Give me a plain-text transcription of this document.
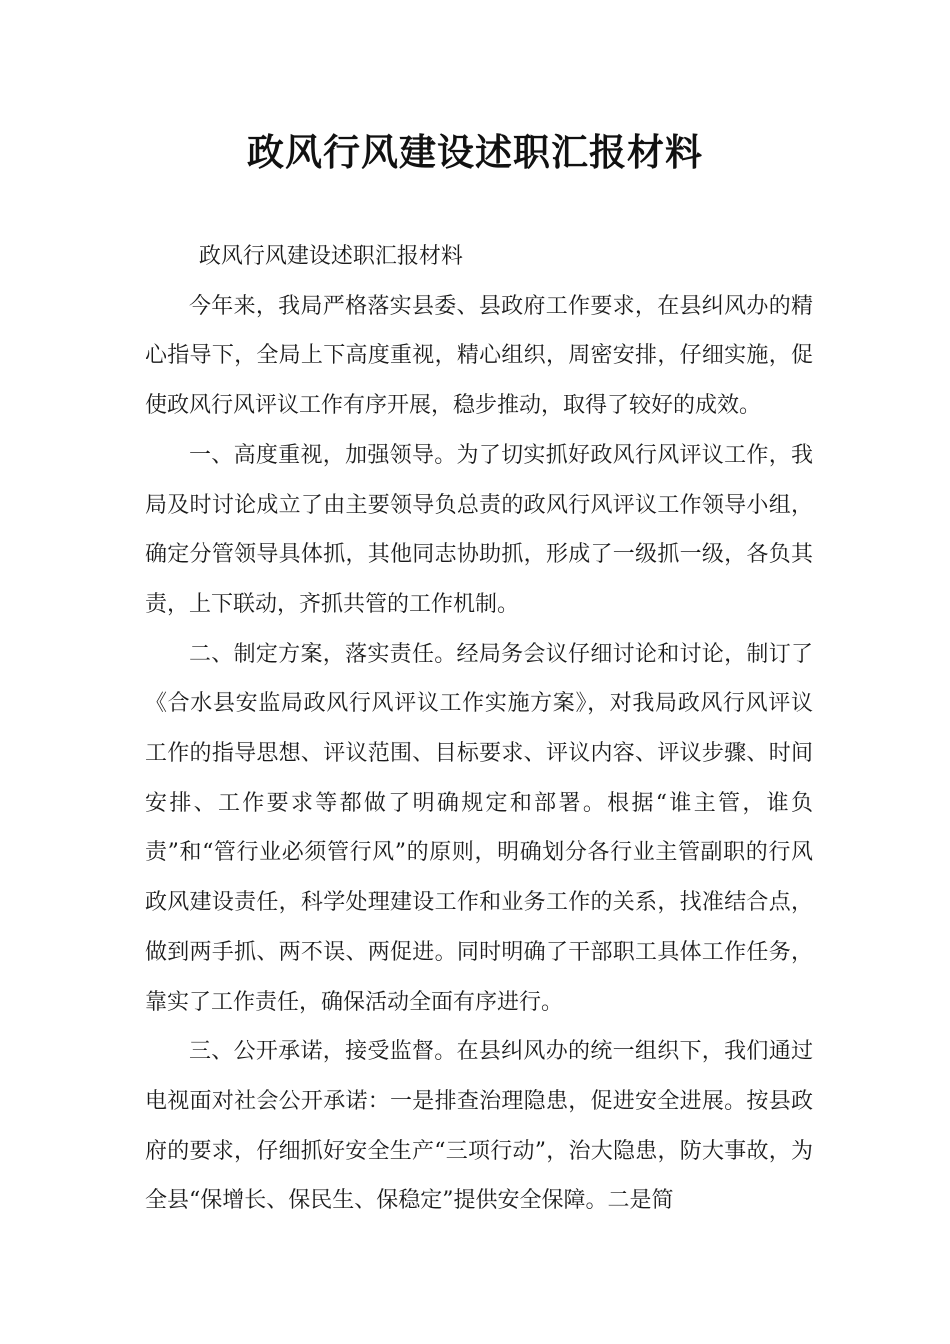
政风行风建设述职汇报材料

政风行风建设述职汇报材料

今年来，我局严格落实县委、县政府工作要求，在县纠风办的精心指导下，全局上下高度重视，精心组织，周密安排，仔细实施，促使政风行风评议工作有序开展，稳步推动，取得了较好的成效。

一、高度重视，加强领导。为了切实抓好政风行风评议工作，我局及时讨论成立了由主要领导负总责的政风行风评议工作领导小组，确定分管领导具体抓，其他同志协助抓，形成了一级抓一级，各负其责，上下联动，齐抓共管的工作机制。

二、制定方案，落实责任。经局务会议仔细讨论和讨论，制订了《合水县安监局政风行风评议工作实施方案》，对我局政风行风评议工作的指导思想、评议范围、目标要求、评议内容、评议步骤、时间安排、工作要求等都做了明确规定和部署。根据“谁主管，谁负责”和“管行业必须管行风”的原则，明确划分各行业主管副职的行风政风建设责任，科学处理建设工作和业务工作的关系，找准结合点，做到两手抓、两不误、两促进。同时明确了干部职工具体工作任务，靠实了工作责任，确保活动全面有序进行。

三、公开承诺，接受监督。在县纠风办的统一组织下，我们通过电视面对社会公开承诺：一是排查治理隐患，促进安全进展。按县政府的要求，仔细抓好安全生产“三项行动”，治大隐患，防大事故，为全县“保增长、保民生、保稳定”提供安全保障。二是简
